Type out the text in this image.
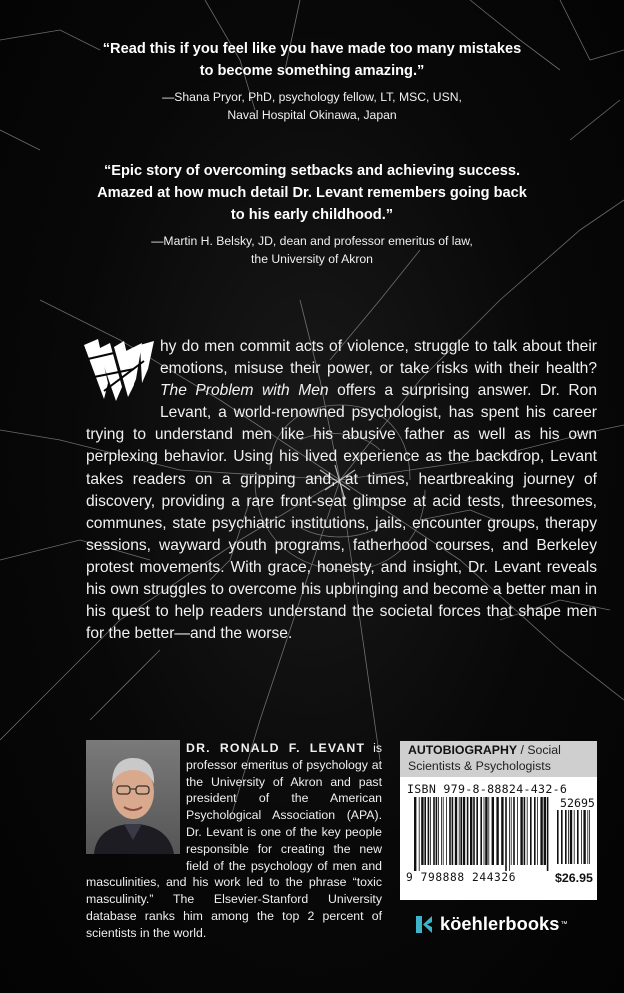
“Read this if you feel like you have made too many mistakes
to become something amazing.”

—Shana Pryor, PhD, psychology fellow, LT, MSC, USN,
Naval Hospital Okinawa, Japan

“Epic story of overcoming setbacks and achieving success.
Amazed at how much detail Dr. Levant remembers going back
to his early childhood.”

—Martin H. Belsky, JD, dean and professor emeritus of law,
the University of Akron

hy do men commit acts of violence, struggle to talk about their emotions, misuse their power, or take risks with their health? The Problem with Men offers a surprising answer. Dr. Ron Levant, a world-renowned psychologist, has spent his career trying to understand men like his abusive father as well as his own perplexing behavior. Using his lived experience as the backdrop, Levant takes readers on a gripping and, at times, heartbreaking journey of discovery, providing a rare front-seat glimpse at acid tests, threesomes, communes, state psychiatric institutions, jails, encounter groups, therapy sessions, wayward youth programs, fatherhood courses, and Berkeley protest movements. With grace, honesty, and insight, Dr. Levant reveals his own struggles to overcome his upbringing and become a better man in his quest to help readers understand the societal forces that shape men for the better—and the worse.
DR. RONALD F. LEVANT is professor emeritus of psychology at the University of Akron and past president of the American Psychological Association (APA). Dr. Levant is one of the key people responsible for creating the new field of the psychology of men and masculinities, and his work led to the phrase “toxic masculinity.” The Elsevier-Stanford University database ranks him among the top 2 percent of scientists in the world.
AUTOBIOGRAPHY / Social Scientists & Psychologists
ISBN 979-8-88824-432-6
52695
9 798888 244326	$26.95
köehlerbooks ™
